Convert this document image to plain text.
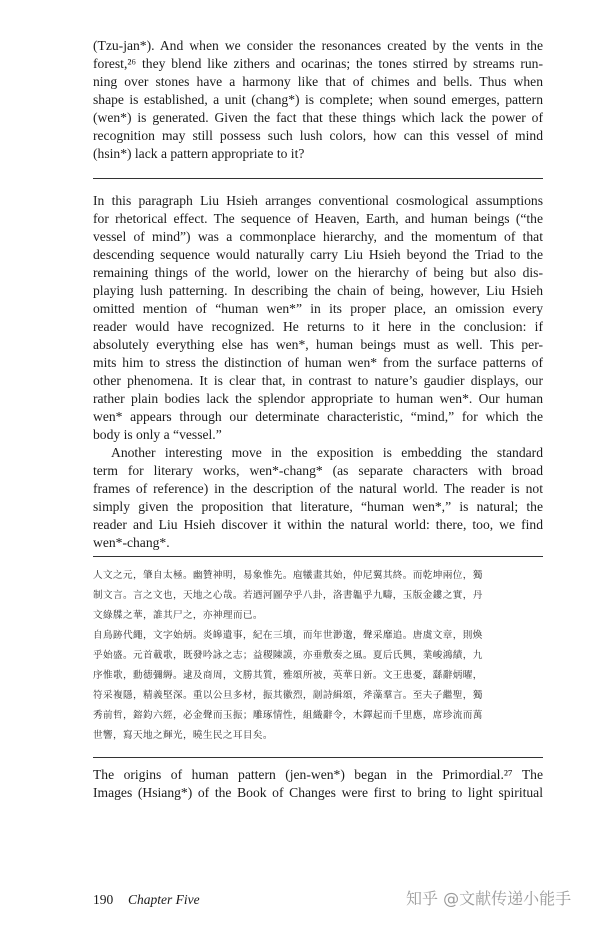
(Tzu-jan*). And when we consider the resonances created by the vents in the
forest,²⁶ they blend like zithers and ocarinas; the tones stirred by streams run-
ning over stones have a harmony like that of chimes and bells. Thus when
shape is established, a unit (chang*) is complete; when sound emerges, pattern
(wen*) is generated. Given the fact that these things which lack the power of
recognition may still possess such lush colors, how can this vessel of mind
(hsin*) lack a pattern appropriate to it?
In this paragraph Liu Hsieh arranges conventional cosmological assumptions
for rhetorical effect. The sequence of Heaven, Earth, and human beings (“the
vessel of mind”) was a commonplace hierarchy, and the momentum of that
descending sequence would naturally carry Liu Hsieh beyond the Triad to the
remaining things of the world, lower on the hierarchy of being but also dis-
playing lush patterning. In describing the chain of being, however, Liu Hsieh
omitted mention of “human wen*” in its proper place, an omission every
reader would have recognized. He returns to it here in the conclusion: if
absolutely everything else has wen*, human beings must as well. This per-
mits him to stress the distinction of human wen* from the surface patterns of
other phenomena. It is clear that, in contrast to nature’s gaudier displays, our
rather plain bodies lack the splendor appropriate to human wen*. Our human
wen* appears through our determinate characteristic, “mind,” for which the
body is only a “vessel.”
Another interesting move in the exposition is embedding the standard
term for literary works, wen*-chang* (as separate characters with broad
frames of reference) in the description of the natural world. The reader is not
simply given the proposition that literature, “human wen*,” is natural; the
reader and Liu Hsieh discover it within the natural world: there, too, we find
wen*-chang*.
人文之元，肇自太極。幽贊神明，易象惟先。庖犧畫其始，仲尼翼其終。而乾坤兩位，獨
制文言。言之文也，天地之心哉。若迺河圖孕乎八卦，洛書韞乎九疇，玉版金鏤之實，丹
文綠牒之華，誰其尸之，亦神理而已。
自鳥跡代繩，文字始炳。炎皞遺事，紀在三墳，而年世渺邈，聲采靡追。唐虞文章，則煥
乎始盛。元首載歌，既發吟詠之志；益稷陳謨，亦垂敷奏之風。夏后氏興，業峻鴻績，九
序惟歌，勳德彌縟。逮及商周，文勝其質，雅頌所被，英華日新。文王患憂，繇辭炳曜，
符采複隱，精義堅深。重以公旦多材，振其徽烈，剬詩緝頌，斧藻羣言。至夫子繼聖，獨
秀前哲，鎔鈞六經，必金聲而玉振；雕琢情性，組織辭令，木鐸起而千里應，席珍流而萬
世響，寫天地之輝光，曉生民之耳目矣。
The origins of human pattern (jen-wen*) began in the Primordial.²⁷ The
Images (Hsiang*) of the Book of Changes were first to bring to light spiritual
190 Chapter Five	知乎 @文献传递小能手
